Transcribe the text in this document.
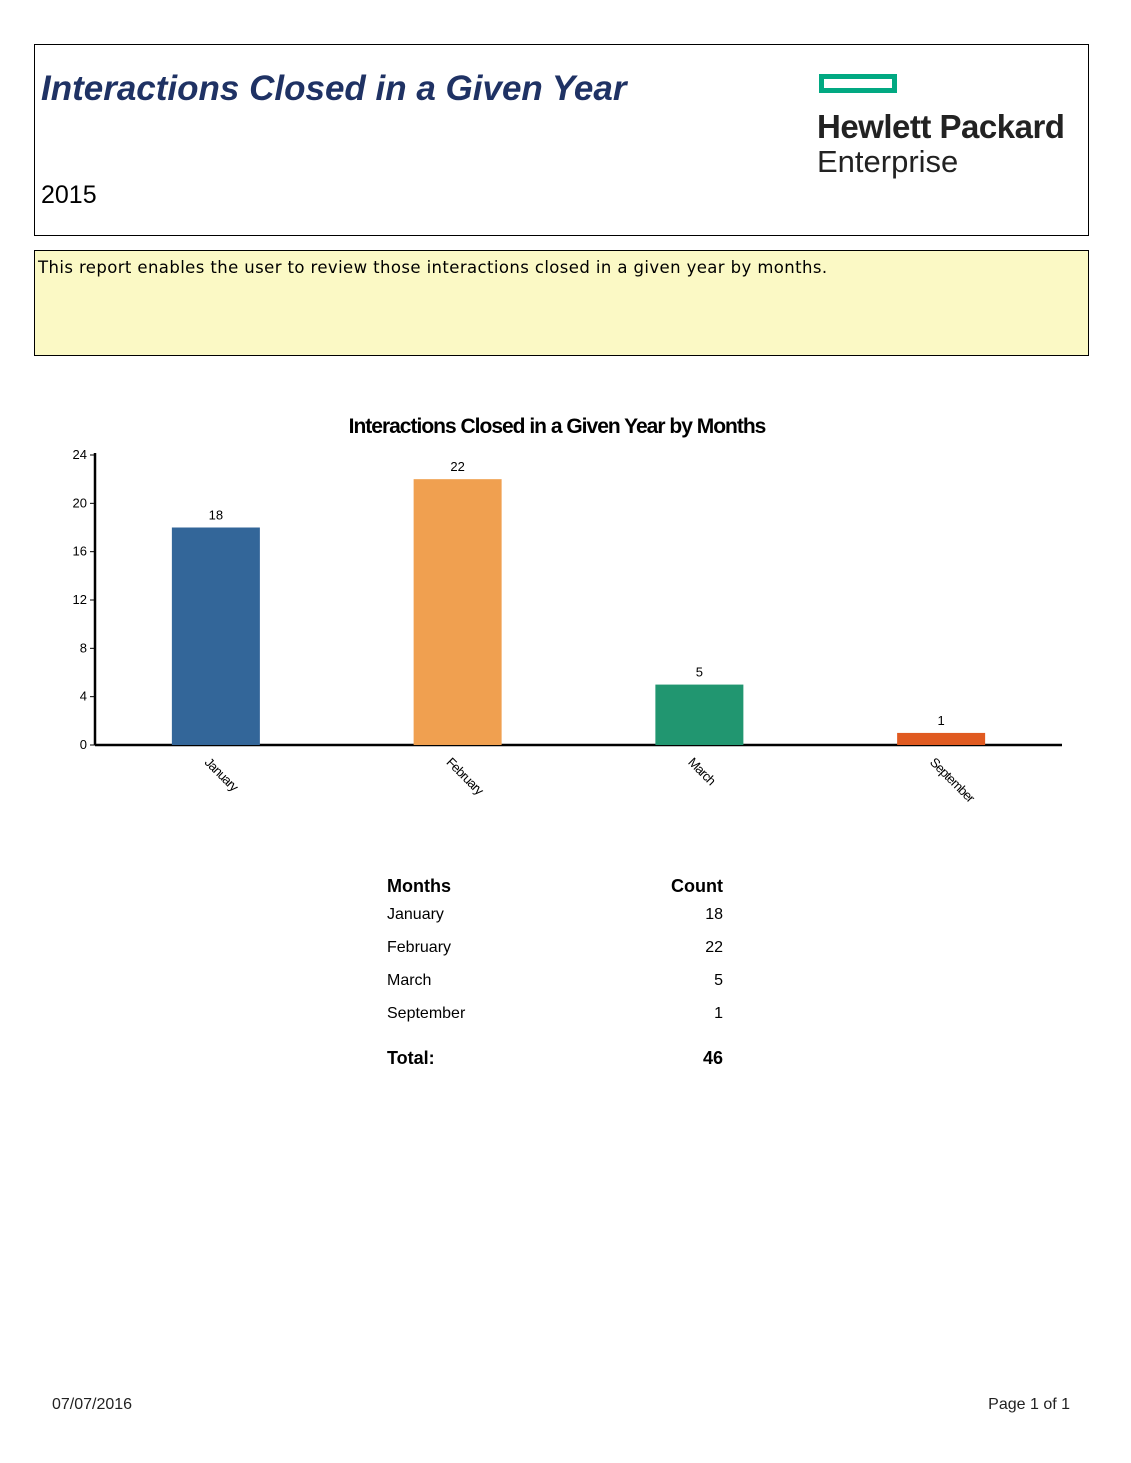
Interactions Closed in a Given Year
2015
Hewlett Packard
Enterprise
This report enables the user to review those interactions closed in a given year by months.
Interactions Closed in a Given Year by Months
0
4
8
12
16
20
24
18
January
22
February
5
March
1
September
Months	Count
January	18
February	22
March	5
September	1
Total:	46
07/07/2016	Page 1 of 1
